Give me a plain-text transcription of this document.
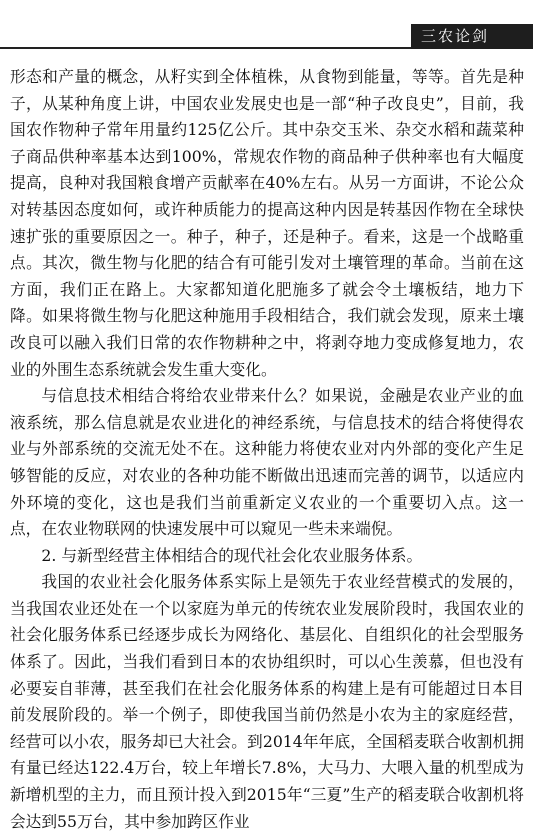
三农论剑

形态和产量的概念，从籽实到全体植株，从食物到能量，等等。首先是种子，从某种角度上讲，中国农业发展史也是一部“种子改良史”，目前，我国农作物种子常年用量约125亿公斤。其中杂交玉米、杂交水稻和蔬菜种子商品供种率基本达到100%，常规农作物的商品种子供种率也有大幅度提高，良种对我国粮食增产贡献率在40%左右。从另一方面讲，不论公众对转基因态度如何，或许种质能力的提高这种内因是转基因作物在全球快速扩张的重要原因之一。种子，种子，还是种子。看来，这是一个战略重点。其次，微生物与化肥的结合有可能引发对土壤管理的革命。当前在这方面，我们正在路上。大家都知道化肥施多了就会令土壤板结，地力下降。如果将微生物与化肥这种施用手段相结合，我们就会发现，原来土壤改良可以融入我们日常的农作物耕种之中，将剥夺地力变成修复地力，农业的外围生态系统就会发生重大变化。

与信息技术相结合将给农业带来什么？如果说，金融是农业产业的血液系统，那么信息就是农业进化的神经系统，与信息技术的结合将使得农业与外部系统的交流无处不在。这种能力将使农业对内外部的变化产生足够智能的反应，对农业的各种功能不断做出迅速而完善的调节，以适应内外环境的变化，这也是我们当前重新定义农业的一个重要切入点。这一点，在农业物联网的快速发展中可以窥见一些未来端倪。

2. 与新型经营主体相结合的现代社会化农业服务体系。

我国的农业社会化服务体系实际上是领先于农业经营模式的发展的，当我国农业还处在一个以家庭为单元的传统农业发展阶段时，我国农业的社会化服务体系已经逐步成长为网络化、基层化、自组织化的社会型服务体系了。因此，当我们看到日本的农协组织时，可以心生羡慕，但也没有必要妄自菲薄，甚至我们在社会化服务体系的构建上是有可能超过日本目前发展阶段的。举一个例子，即使我国当前仍然是小农为主的家庭经营，经营可以小农，服务却已大社会。到2014年年底，全国稻麦联合收割机拥有量已经达122.4万台，较上年增长7.8%，大马力、大喂入量的机型成为新增机型的主力，而且预计投入到2015年“三夏”生产的稻麦联合收割机将会达到55万台，其中参加跨区作业
